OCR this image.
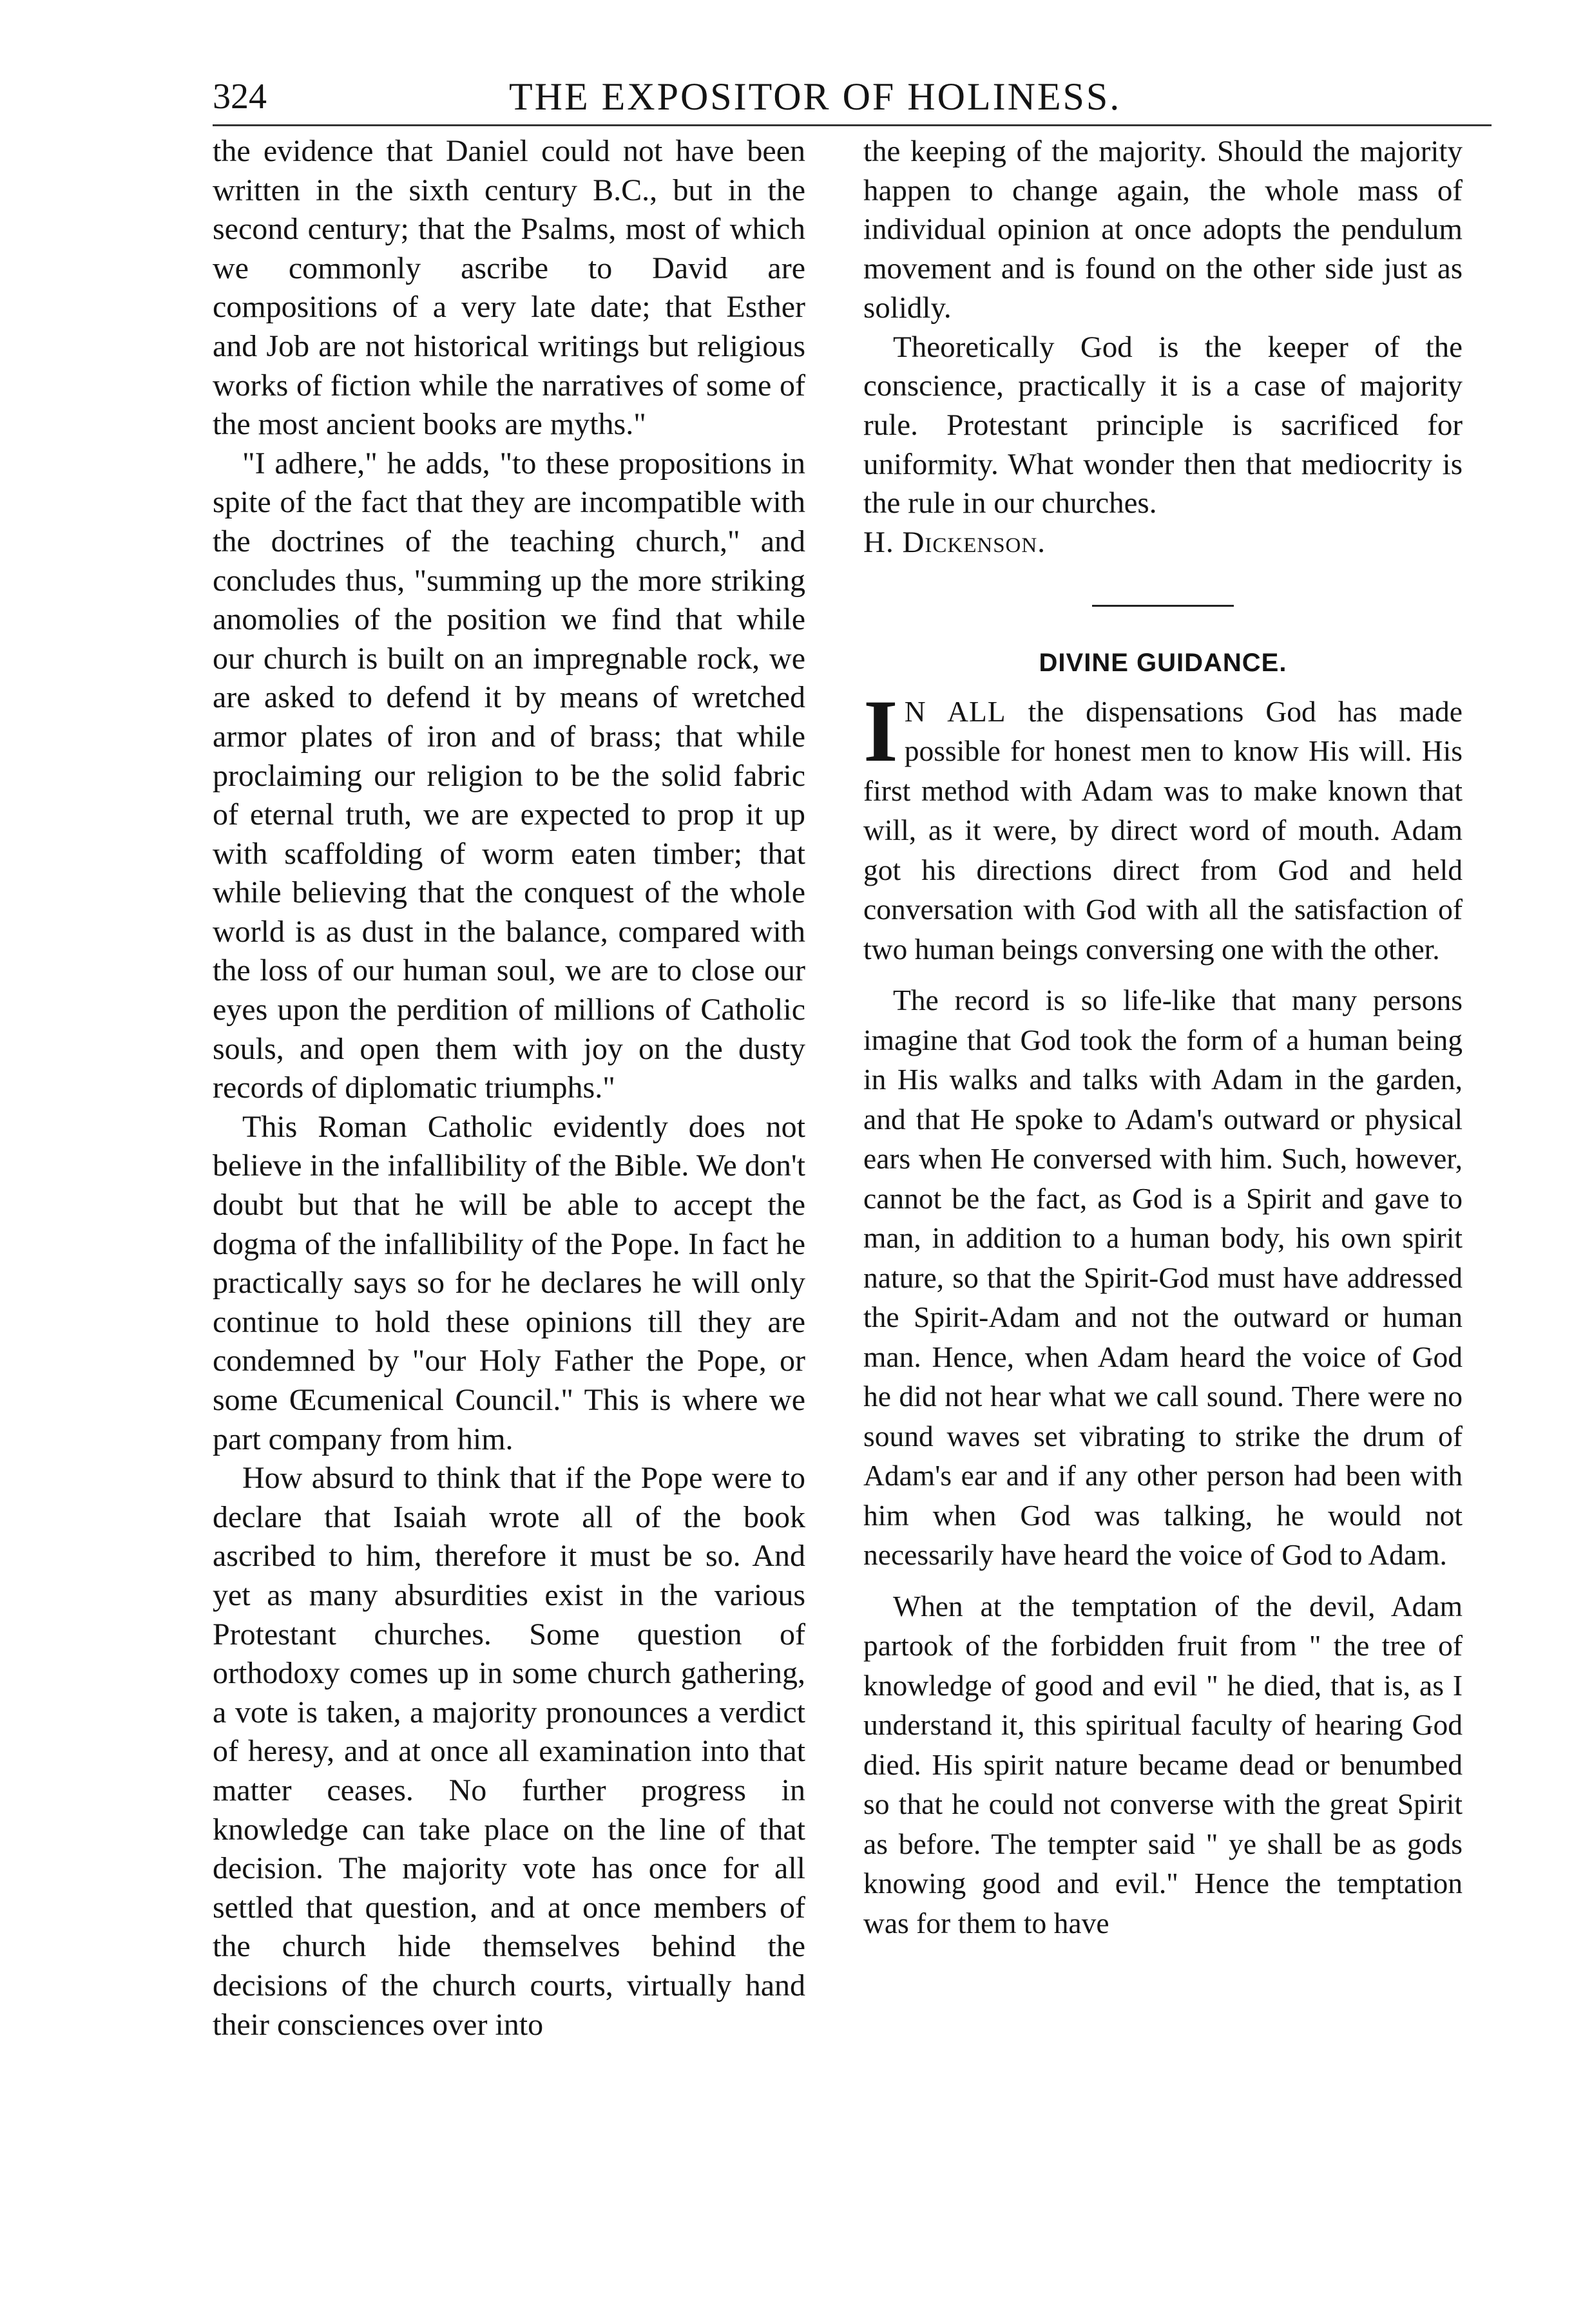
324	THE EXPOSITOR OF HOLINESS.

the evidence that Daniel could not have been written in the sixth century B.C., but in the second century; that the Psalms, most of which we commonly ascribe to David are compositions of a very late date; that Esther and Job are not historical writings but religious works of fiction while the narratives of some of the most ancient books are myths."

"I adhere," he adds, "to these propositions in spite of the fact that they are incompatible with the doctrines of the teaching church," and concludes thus, "summing up the more striking anomolies of the position we find that while our church is built on an impregnable rock, we are asked to defend it by means of wretched armor plates of iron and of brass; that while proclaiming our religion to be the solid fabric of eternal truth, we are expected to prop it up with scaffolding of worm eaten timber; that while believing that the conquest of the whole world is as dust in the balance, compared with the loss of our human soul, we are to close our eyes upon the perdition of millions of Catholic souls, and open them with joy on the dusty records of diplomatic triumphs."

This Roman Catholic evidently does not believe in the infallibility of the Bible. We don't doubt but that he will be able to accept the dogma of the infallibility of the Pope. In fact he practically says so for he declares he will only continue to hold these opinions till they are condemned by "our Holy Father the Pope, or some Œcumenical Council." This is where we part company from him.

How absurd to think that if the Pope were to declare that Isaiah wrote all of the book ascribed to him, therefore it must be so. And yet as many absurdities exist in the various Protestant churches. Some question of orthodoxy comes up in some church gathering, a vote is taken, a majority pronounces a verdict of heresy, and at once all examination into that matter ceases. No further progress in knowledge can take place on the line of that decision. The majority vote has once for all settled that question, and at once members of the church hide themselves behind the decisions of the church courts, virtually hand their consciences over into

the keeping of the majority. Should the majority happen to change again, the whole mass of individual opinion at once adopts the pendulum movement and is found on the other side just as solidly.

Theoretically God is the keeper of the conscience, practically it is a case of majority rule. Protestant principle is sacrificed for uniformity. What wonder then that mediocrity is the rule in our churches.

H. Dickenson.

DIVINE GUIDANCE.

I N ALL the dispensations God has made possible for honest men to know His will. His first method with Adam was to make known that will, as it were, by direct word of mouth. Adam got his directions direct from God and held conversation with God with all the satisfaction of two human beings conversing one with the other.

The record is so life-like that many persons imagine that God took the form of a human being in His walks and talks with Adam in the garden, and that He spoke to Adam's outward or physical ears when He conversed with him. Such, however, cannot be the fact, as God is a Spirit and gave to man, in addition to a human body, his own spirit nature, so that the Spirit-God must have addressed the Spirit-Adam and not the outward or human man. Hence, when Adam heard the voice of God he did not hear what we call sound. There were no sound waves set vibrating to strike the drum of Adam's ear and if any other person had been with him when God was talking, he would not necessarily have heard the voice of God to Adam.

When at the temptation of the devil, Adam partook of the forbidden fruit from " the tree of knowledge of good and evil " he died, that is, as I understand it, this spiritual faculty of hearing God died. His spirit nature became dead or benumbed so that he could not converse with the great Spirit as before. The tempter said " ye shall be as gods knowing good and evil." Hence the temptation was for them to have
